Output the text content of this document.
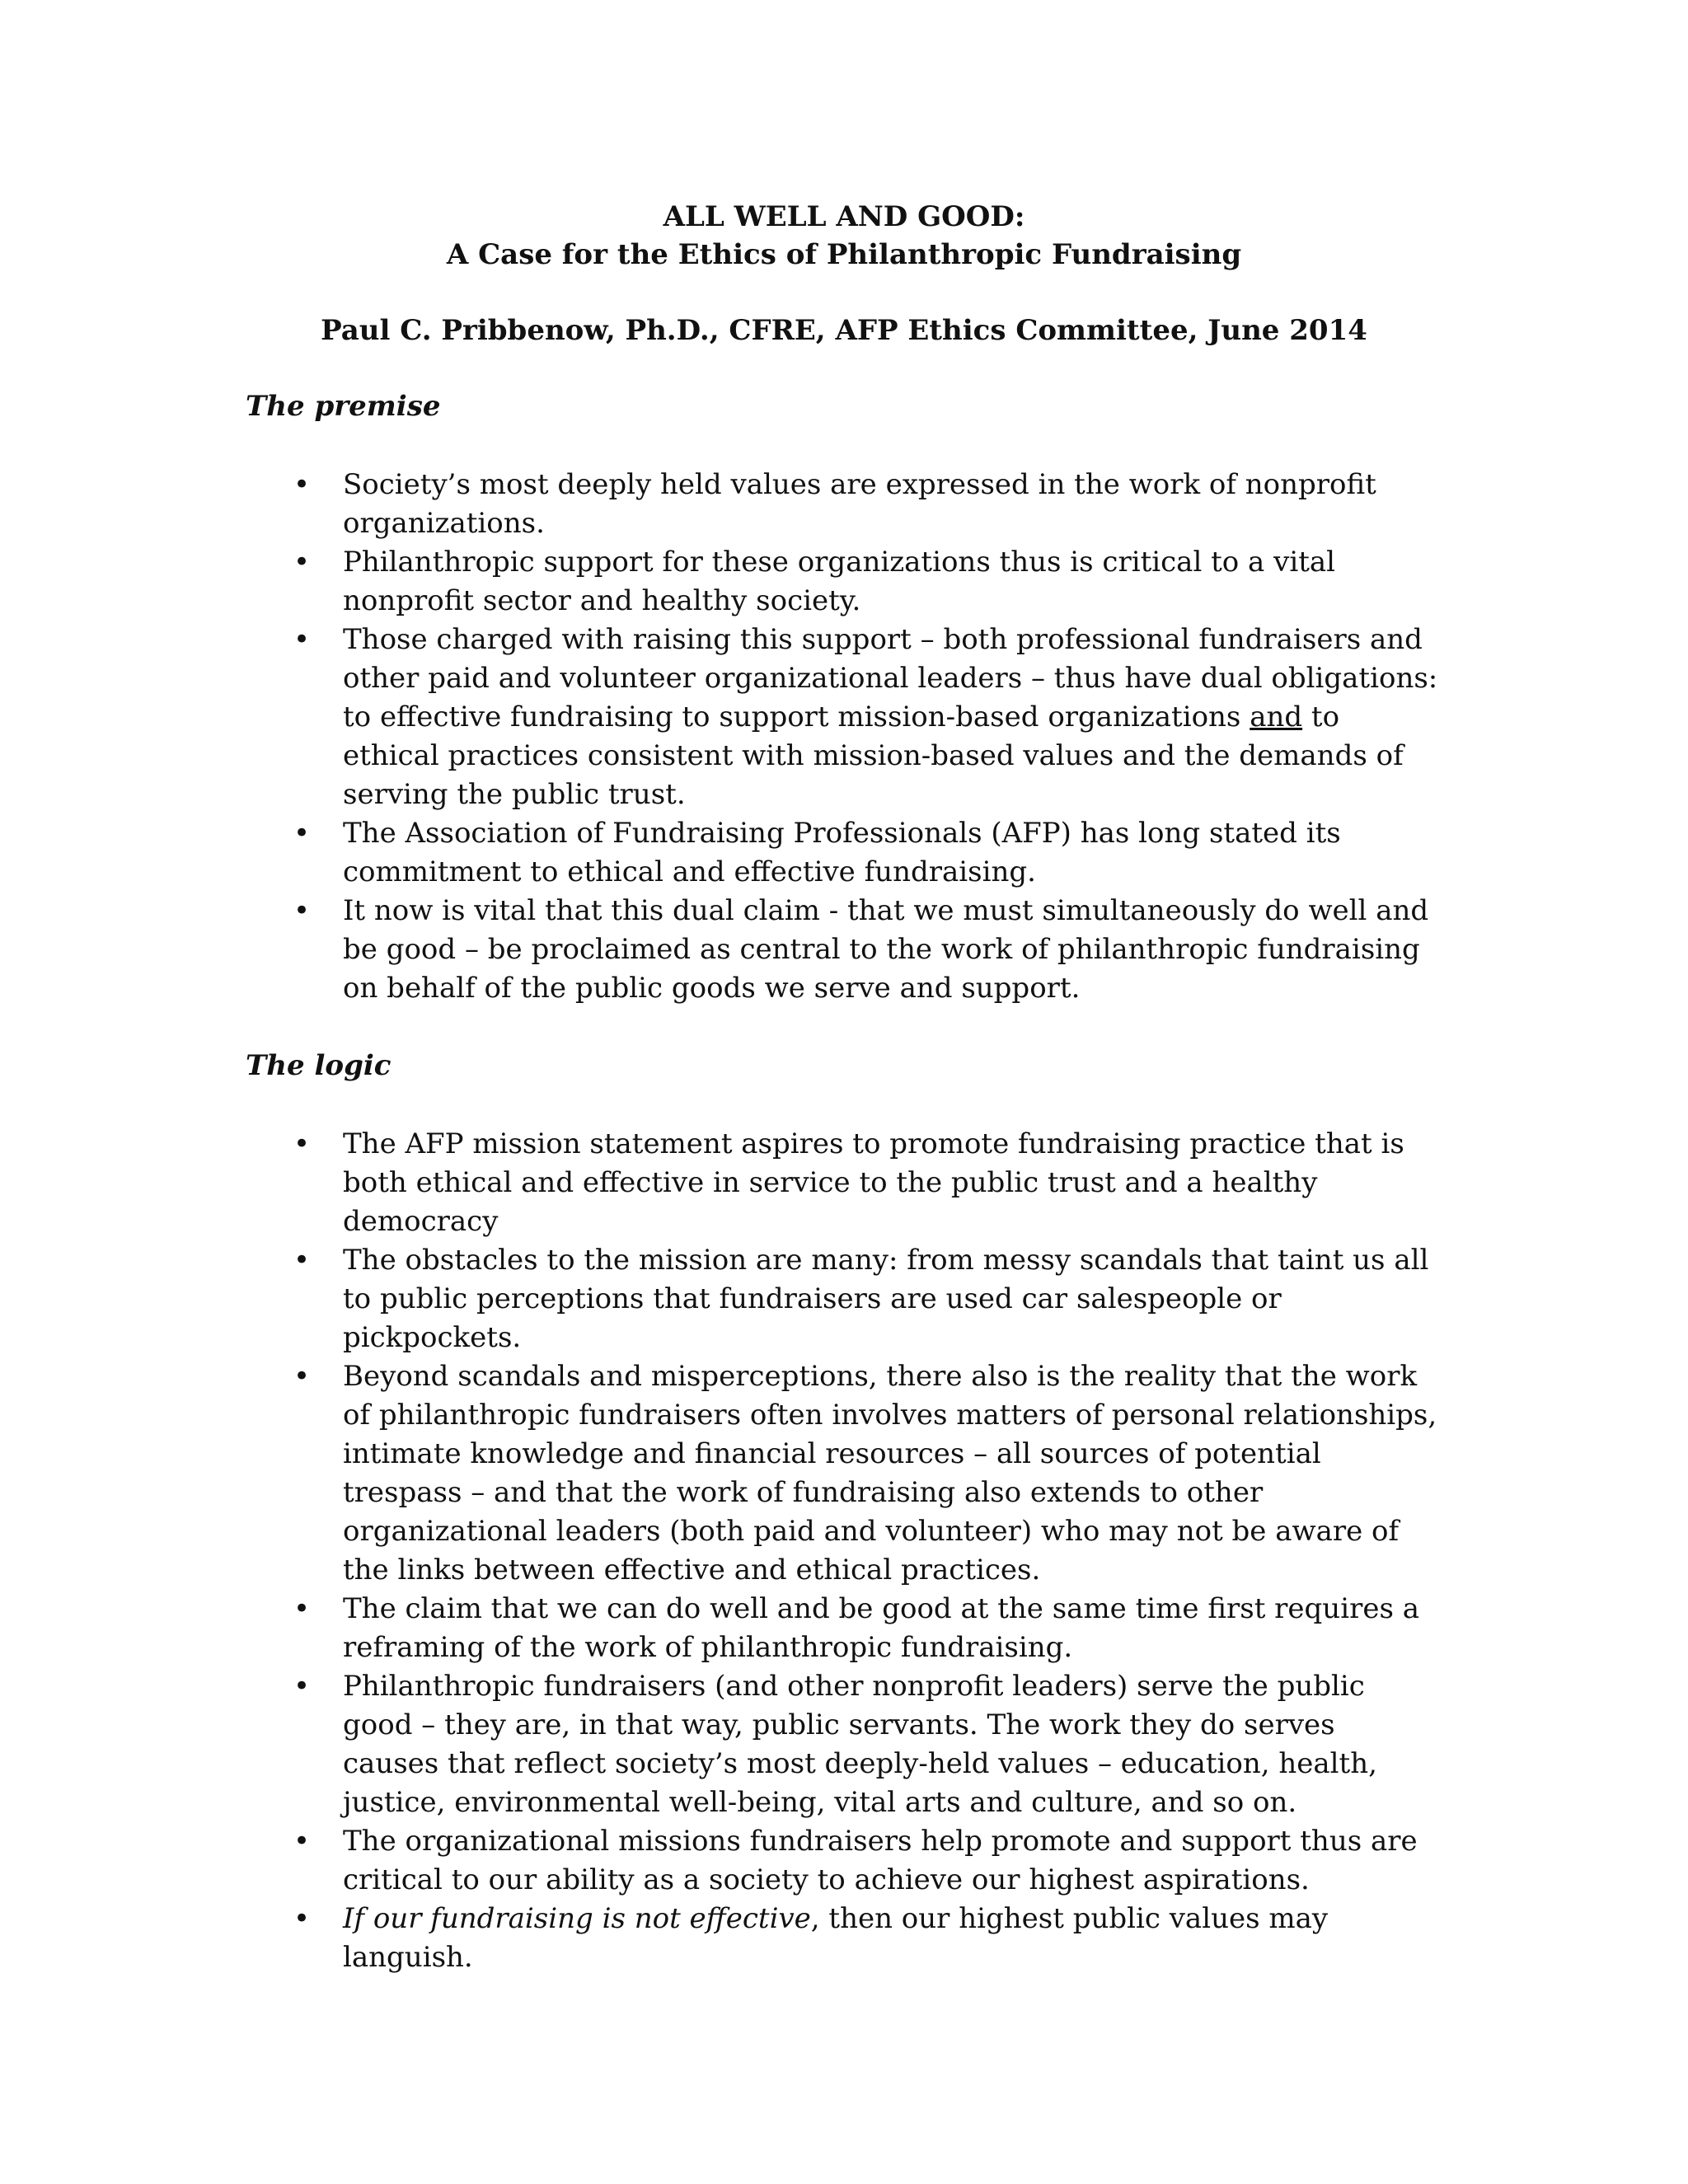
ALL WELL AND GOOD:
A Case for the Ethics of Philanthropic Fundraising
Paul C. Pribbenow, Ph.D., CFRE, AFP Ethics Committee, June 2014
The premise
• Society’s most deeply held values are expressed in the work of nonprofit organizations.
• Philanthropic support for these organizations thus is critical to a vital nonprofit sector and healthy society.
• Those charged with raising this support – both professional fundraisers and other paid and volunteer organizational leaders – thus have dual obligations: to effective fundraising to support mission-based organizations and to ethical practices consistent with mission-based values and the demands of serving the public trust.
• The Association of Fundraising Professionals (AFP) has long stated its commitment to ethical and effective fundraising.
• It now is vital that this dual claim - that we must simultaneously do well and be good – be proclaimed as central to the work of philanthropic fundraising on behalf of the public goods we serve and support.
The logic
• The AFP mission statement aspires to promote fundraising practice that is both ethical and effective in service to the public trust and a healthy democracy
• The obstacles to the mission are many: from messy scandals that taint us all to public perceptions that fundraisers are used car salespeople or pickpockets.
• Beyond scandals and misperceptions, there also is the reality that the work of philanthropic fundraisers often involves matters of personal relationships, intimate knowledge and financial resources – all sources of potential trespass – and that the work of fundraising also extends to other organizational leaders (both paid and volunteer) who may not be aware of the links between effective and ethical practices.
• The claim that we can do well and be good at the same time first requires a reframing of the work of philanthropic fundraising.
• Philanthropic fundraisers (and other nonprofit leaders) serve the public good – they are, in that way, public servants. The work they do serves causes that reflect society’s most deeply-held values – education, health, justice, environmental well-being, vital arts and culture, and so on.
• The organizational missions fundraisers help promote and support thus are critical to our ability as a society to achieve our highest aspirations.
• If our fundraising is not effective, then our highest public values may languish.
